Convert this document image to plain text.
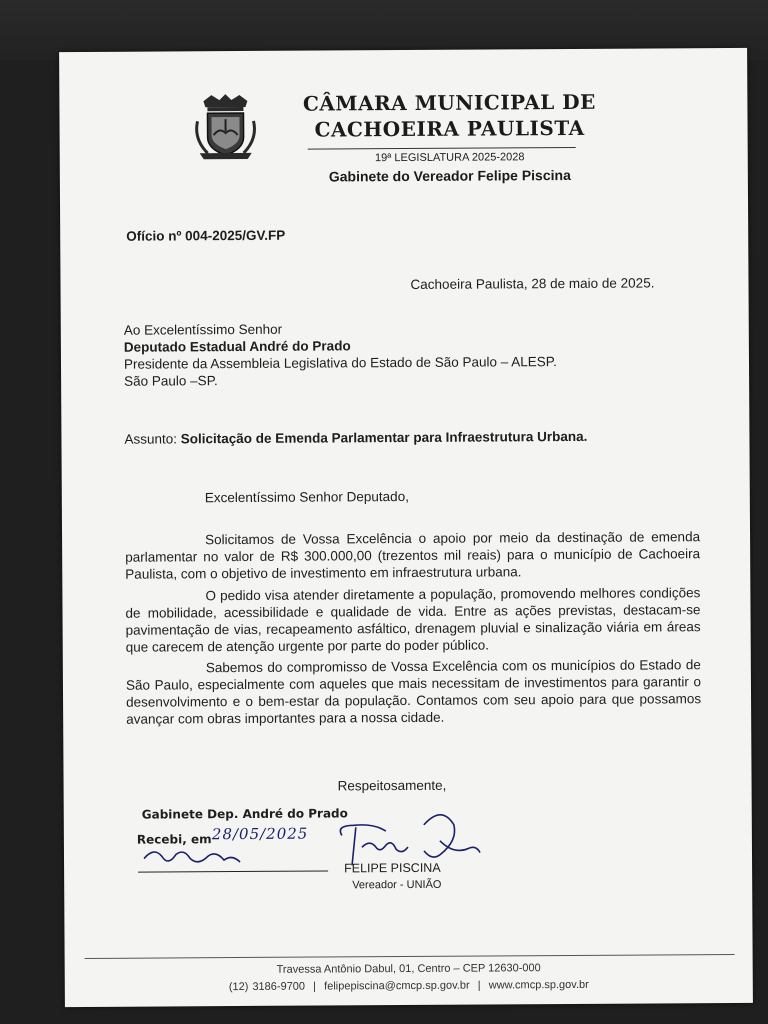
CÂMARA MUNICIPAL DE
CACHOEIRA PAULISTA
19ª LEGISLATURA 2025-2028
Gabinete do Vereador Felipe Piscina
Ofício nº 004-2025/GV.FP
Cachoeira Paulista, 28 de maio de 2025.
Ao Excelentíssimo Senhor
Deputado Estadual André do Prado
Presidente da Assembleia Legislativa do Estado de São Paulo – ALESP.
São Paulo –SP.
Assunto: Solicitação de Emenda Parlamentar para Infraestrutura Urbana.
Excelentíssimo Senhor Deputado,
Solicitamos de Vossa Excelência o apoio por meio da destinação de emenda parlamentar no valor de R$ 300.000,00 (trezentos mil reais) para o município de Cachoeira Paulista, com o objetivo de investimento em infraestrutura urbana.
O pedido visa atender diretamente a população, promovendo melhores condições de mobilidade, acessibilidade e qualidade de vida. Entre as ações previstas, destacam-se pavimentação de vias, recapeamento asfáltico, drenagem pluvial e sinalização viária em áreas que carecem de atenção urgente por parte do poder público.
Sabemos do compromisso de Vossa Excelência com os municípios do Estado de São Paulo, especialmente com aqueles que mais necessitam de investimentos para garantir o desenvolvimento e o bem-estar da população. Contamos com seu apoio para que possamos avançar com obras importantes para a nossa cidade.
Respeitosamente,
Gabinete Dep. André do Prado
Recebi, em 28/05/2025
FELIPE PISCINA
Vereador - UNIÃO
Travessa Antônio Dabul, 01, Centro – CEP 12630-000
(12) 3186-9700 | felipepiscina@cmcp.sp.gov.br | www.cmcp.sp.gov.br
